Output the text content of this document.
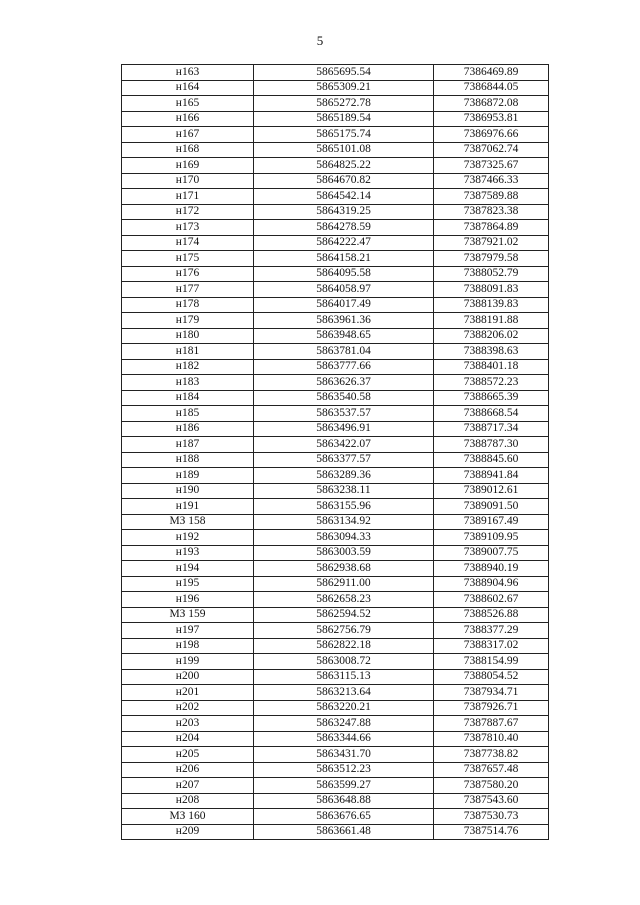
5
н163	5865695.54	7386469.89
н164	5865309.21	7386844.05
н165	5865272.78	7386872.08
н166	5865189.54	7386953.81
н167	5865175.74	7386976.66
н168	5865101.08	7387062.74
н169	5864825.22	7387325.67
н170	5864670.82	7387466.33
н171	5864542.14	7387589.88
н172	5864319.25	7387823.38
н173	5864278.59	7387864.89
н174	5864222.47	7387921.02
н175	5864158.21	7387979.58
н176	5864095.58	7388052.79
н177	5864058.97	7388091.83
н178	5864017.49	7388139.83
н179	5863961.36	7388191.88
н180	5863948.65	7388206.02
н181	5863781.04	7388398.63
н182	5863777.66	7388401.18
н183	5863626.37	7388572.23
н184	5863540.58	7388665.39
н185	5863537.57	7388668.54
н186	5863496.91	7388717.34
н187	5863422.07	7388787.30
н188	5863377.57	7388845.60
н189	5863289.36	7388941.84
н190	5863238.11	7389012.61
н191	5863155.96	7389091.50
МЗ 158	5863134.92	7389167.49
н192	5863094.33	7389109.95
н193	5863003.59	7389007.75
н194	5862938.68	7388940.19
н195	5862911.00	7388904.96
н196	5862658.23	7388602.67
МЗ 159	5862594.52	7388526.88
н197	5862756.79	7388377.29
н198	5862822.18	7388317.02
н199	5863008.72	7388154.99
н200	5863115.13	7388054.52
н201	5863213.64	7387934.71
н202	5863220.21	7387926.71
н203	5863247.88	7387887.67
н204	5863344.66	7387810.40
н205	5863431.70	7387738.82
н206	5863512.23	7387657.48
н207	5863599.27	7387580.20
н208	5863648.88	7387543.60
МЗ 160	5863676.65	7387530.73
н209	5863661.48	7387514.76
